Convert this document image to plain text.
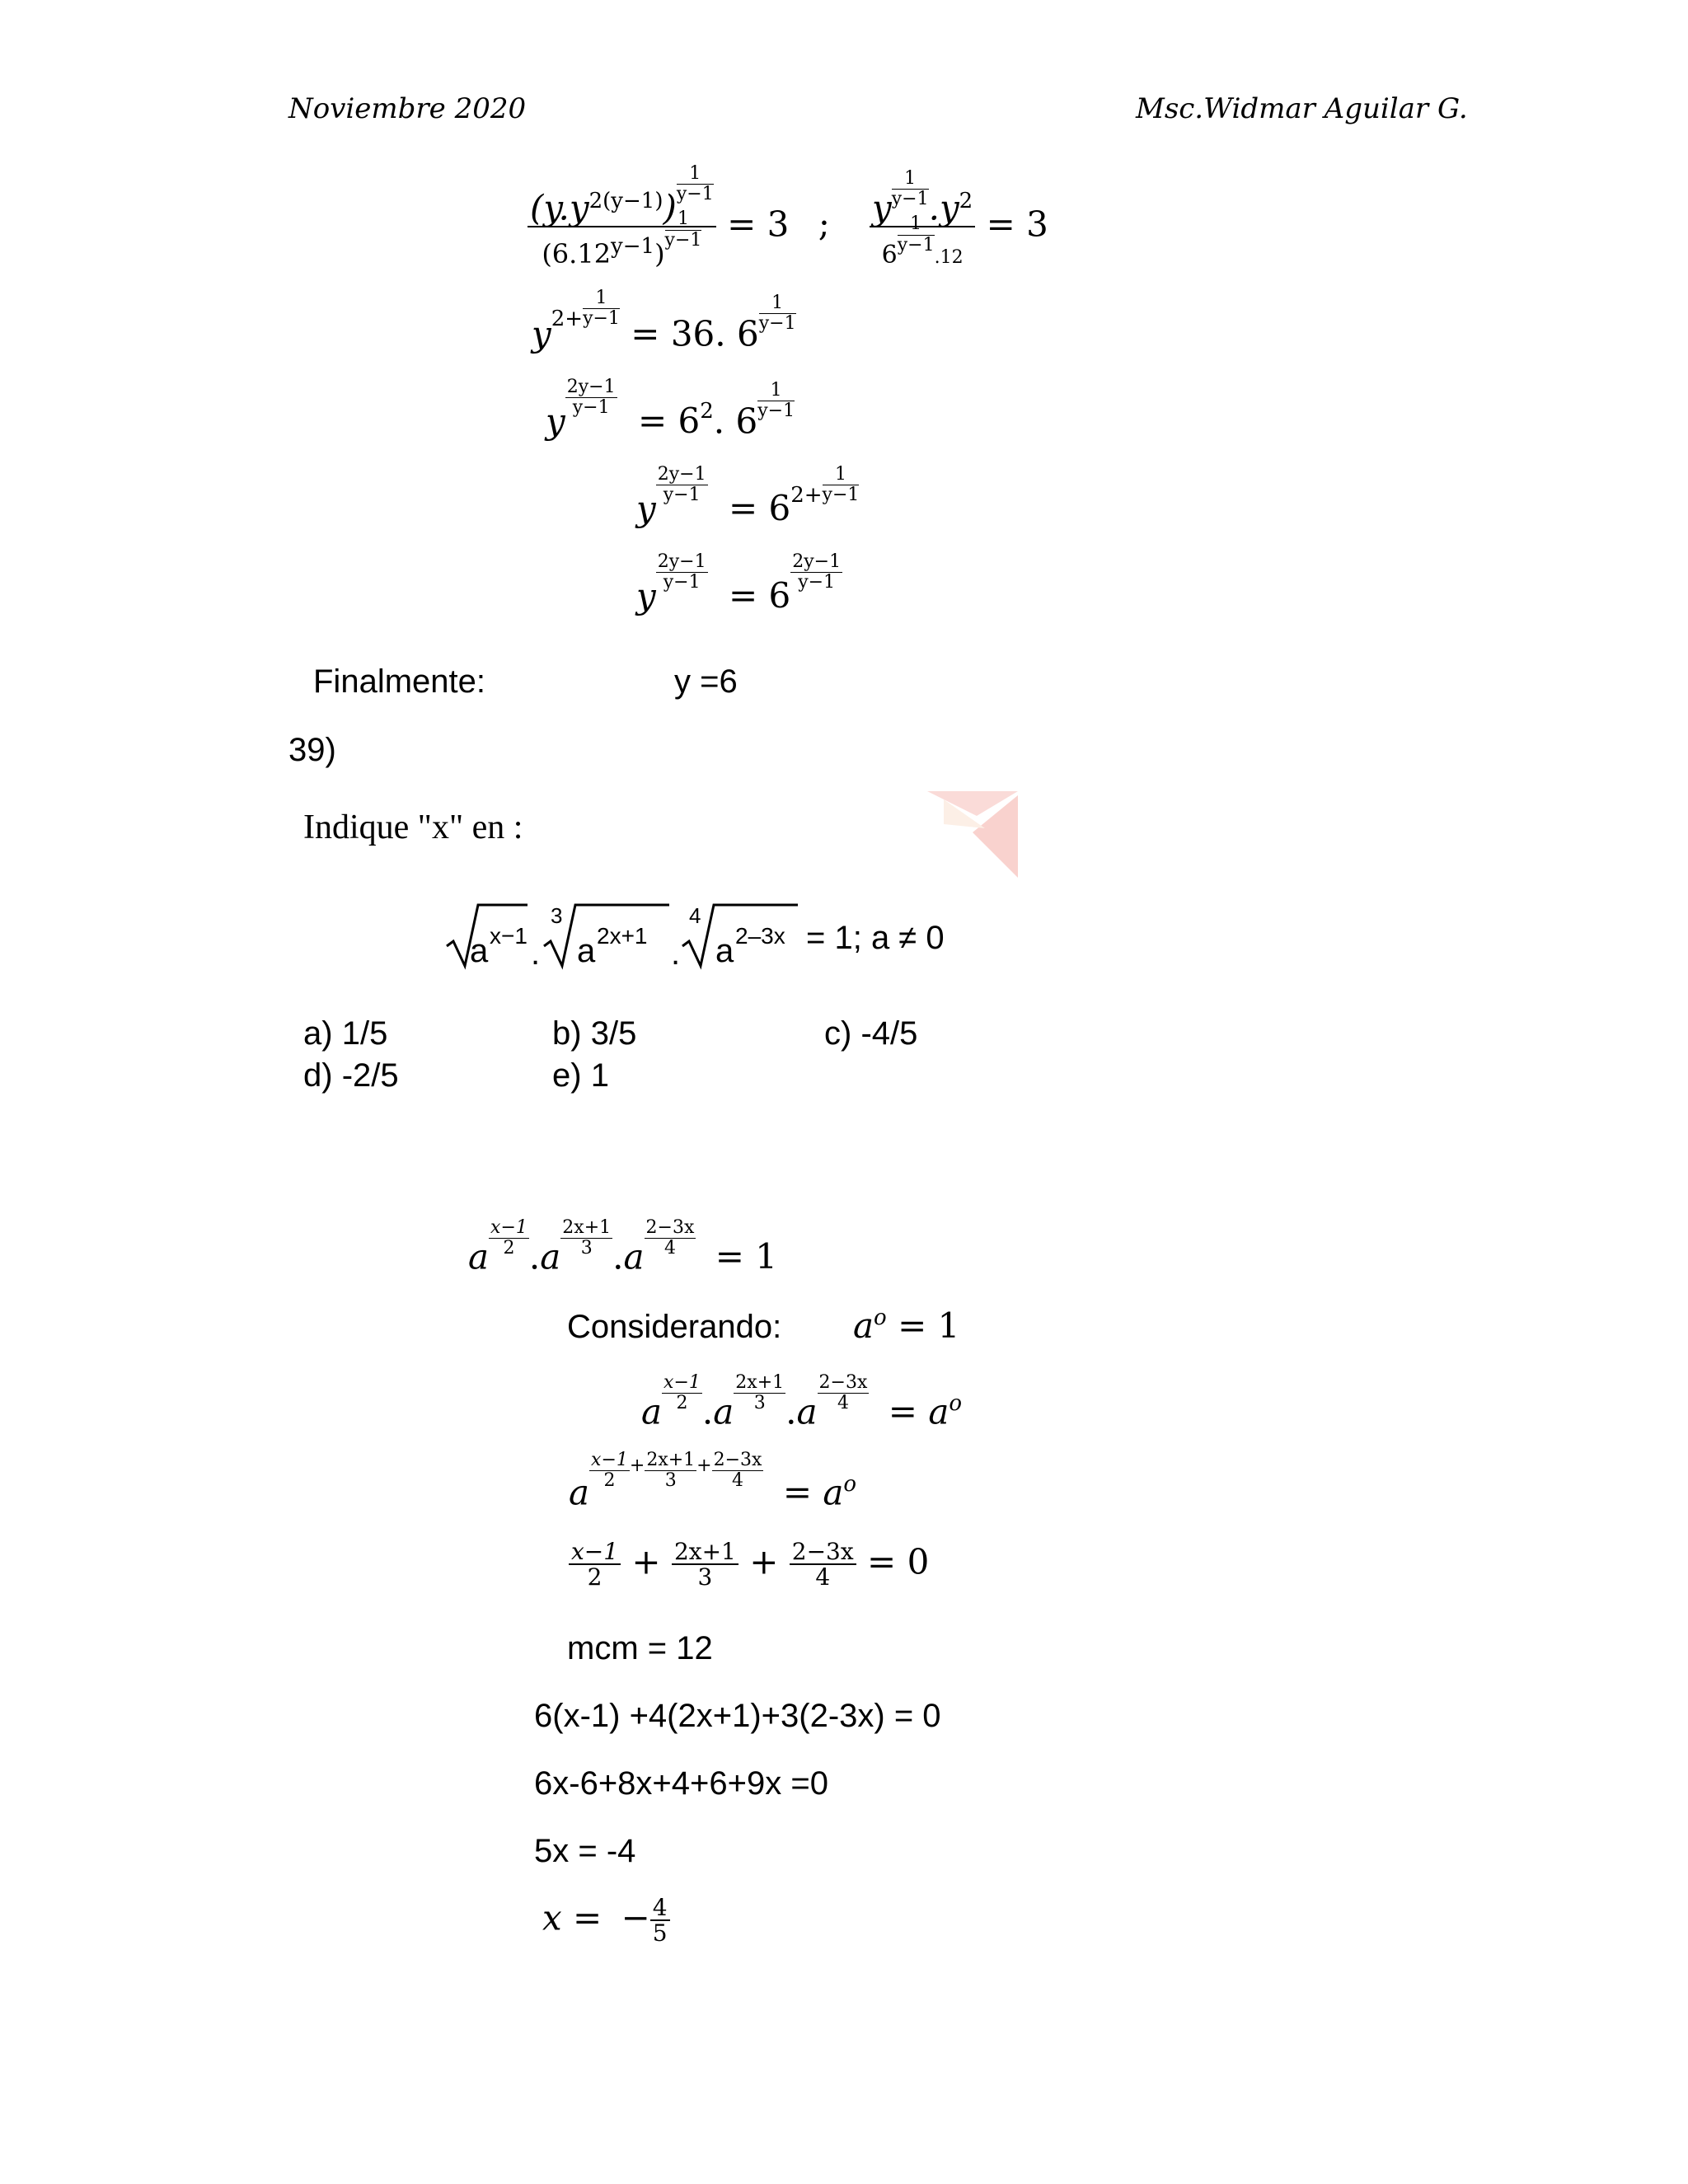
Noviembre 2020	Msc.Widmar Aguilar G.
$(y.y^{2(y-1)})$
$\frac{1}{y-1}$
$(6.12^{y-1})$
$\frac{1}{y-1} = 3$ ; y $\frac{1}{y-1} .y^2$
$6 \frac{1}{y-1}$
.12 = 3
$y^{2+} \frac{1}{y-1}$
= 36. $6 \frac{1}{y-1}$
y
$\frac{2y-1}{y-1}$
= $6^2$. $6 \frac{1}{y-1}$
y
$\frac{2y-1}{y-1}$
= $6^{2+} \frac{1}{y-1}$
y
$\frac{2y-1}{y-1}$
= 6
$\frac{2y-1}{y-1}$
Finalmente:	y =6
39)
Indique "x" en :
a x−1 .
3
a 2x+1 .
4
a 2–3x = 1; a ≠ 0
a) 1/5	b) 3/5	c) -4/5
d) -2/5	e) 1
a $\frac{x-1}{2} .a \frac{2x+1}{3} .a \frac{2-3x}{4} = 1$
Considerando: $a^o = 1$
a $\frac{x-1}{2} .a \frac{2x+1}{3} .a \frac{2-3x}{4} = a^o$
a
$\frac{x-1}{2} ^+ \frac{2x+1}{3} ^+ \frac{2-3x}{4}$
= $a^o$
$\frac{x-1}{2} + \frac{2x+1}{3} + \frac{2-3x}{4} = 0$
mcm = 12
6(x-1) +4(2x+1)+3(2-3x) = 0
6x-6+8x+4+6+9x =0
5x = -4
x = − $\frac{4}{5}$
